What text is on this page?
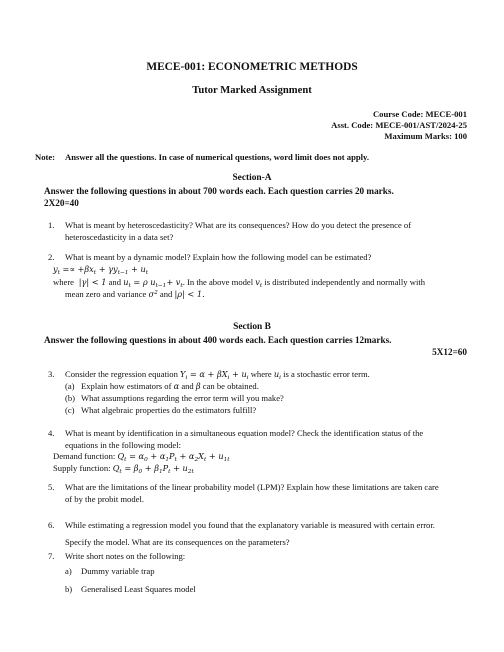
MECE-001: ECONOMETRIC METHODS
Tutor Marked Assignment
Course Code: MECE-001
Asst. Code: MECE-001/AST/2024-25
Maximum Marks: 100
Note: Answer all the questions. In case of numerical questions, word limit does not apply.
Section-A
Answer the following questions in about 700 words each. Each question carries 20 marks.
2X20=40
1.	What is meant by heteroscedasticity? What are its consequences? How do you detect the presence of
heteroscedasticity in a data set?
2.	What is meant by a dynamic model? Explain how the following model can be estimated?
$y_t =\propto +\beta x_t + \gamma y_{t-1} + u_t$
where  |γ| < 1 and $u_t = \rho$ $u_{t-1}+ v_t$. In the above model $v_t$ is distributed independently and normally with
mean zero and variance $\sigma^2$ and |ρ| < 1.
Section B
Answer the following questions in about 400 words each. Each question carries 12marks.
5X12=60
3.	Consider the regression equation $Y_i = \alpha + \beta X_i + u_i$ where $u_i$ is a stochastic error term.
(a) Explain how estimators of α and β can be obtained.
(b) What assumptions regarding the error term will you make?
(c) What algebraic properties do the estimators fulfill?
4.	What is meant by identification in a simultaneous equation model? Check the identification status of the
equations in the following model:
Demand function: $Q_t = \alpha_0 + \alpha_1P_t + \alpha_2X_t + u_{1t}$
Supply function: $Q_t = \beta_0 + \beta_1P_t + u_{2t}$
5.	What are the limitations of the linear probability model (LPM)? Explain how these limitations are taken care
of by the probit model.
6.	While estimating a regression model you found that the explanatory variable is measured with certain error.
Specify the model. What are its consequences on the parameters?
7.	Write short notes on the following:
a)	Dummy variable trap
b)	Generalised Least Squares model
